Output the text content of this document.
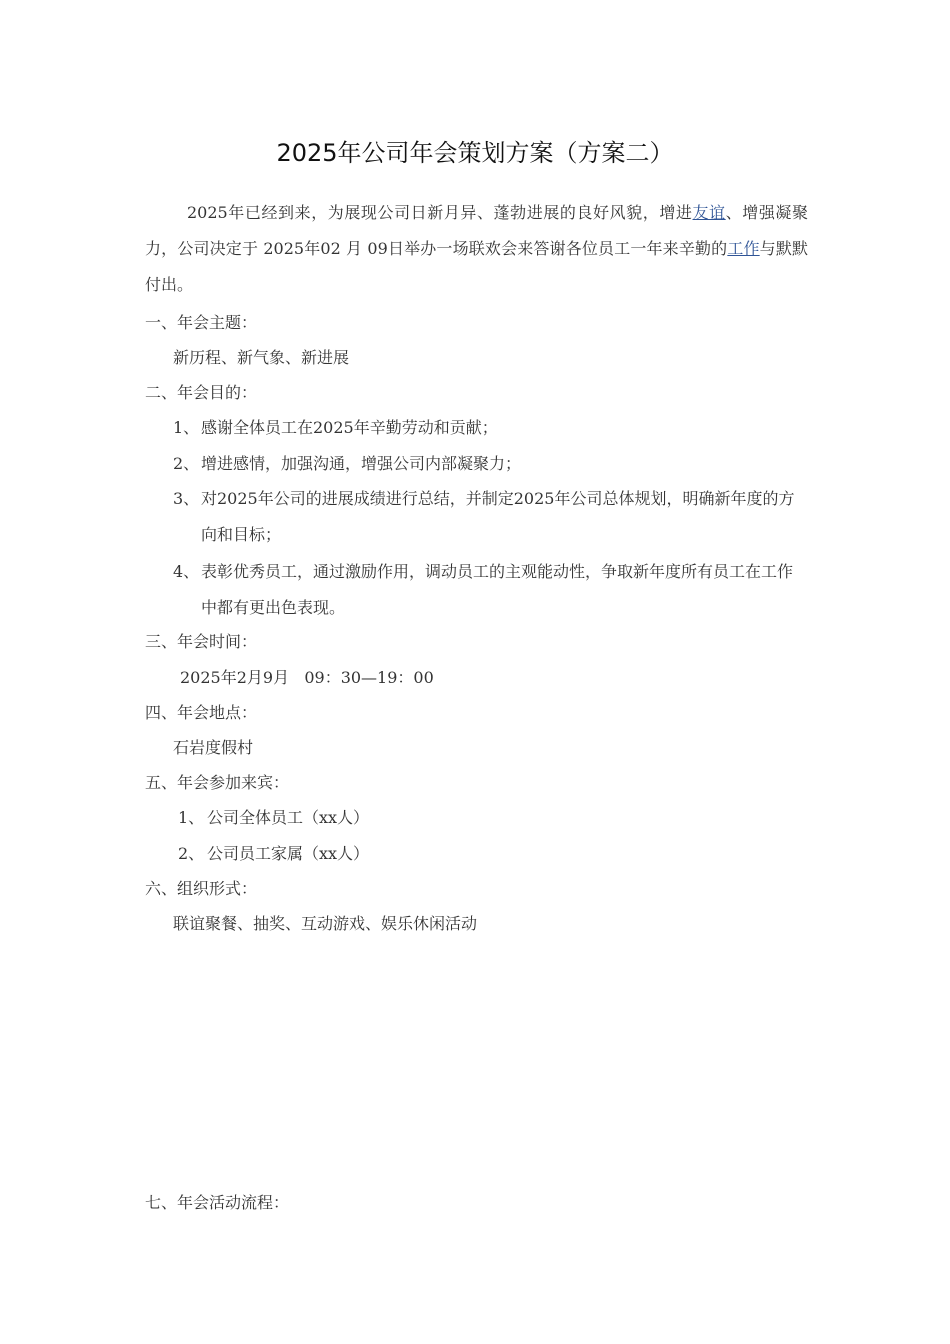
2025年公司年会策划方案（方案二）

2025年已经到来，为展现公司日新月异、蓬勃进展的良好风貌，增进友谊、增强凝聚力，公司决定于 2025年02 月 09日举办一场联欢会来答谢各位员工一年来辛勤的工作与默默付出。

一、年会主题：
新历程、新气象、新进展
二、年会目的：
1、 感谢全体员工在2025年辛勤劳动和贡献；
2、 增进感情，加强沟通，增强公司内部凝聚力；
3、 对2025年公司的进展成绩进行总结，并制定2025年公司总体规划，明确新年度的方向和目标；
4、 表彰优秀员工，通过激励作用，调动员工的主观能动性，争取新年度所有员工在工作中都有更出色表现。
三、年会时间：
2025年2月9月   09：30—19：00
四、年会地点：
石岩度假村
五、年会参加来宾：
1、 公司全体员工（xx人）
2、 公司员工家属（xx人）
六、组织形式：
联谊聚餐、抽奖、互动游戏、娱乐休闲活动
七、年会活动流程：
